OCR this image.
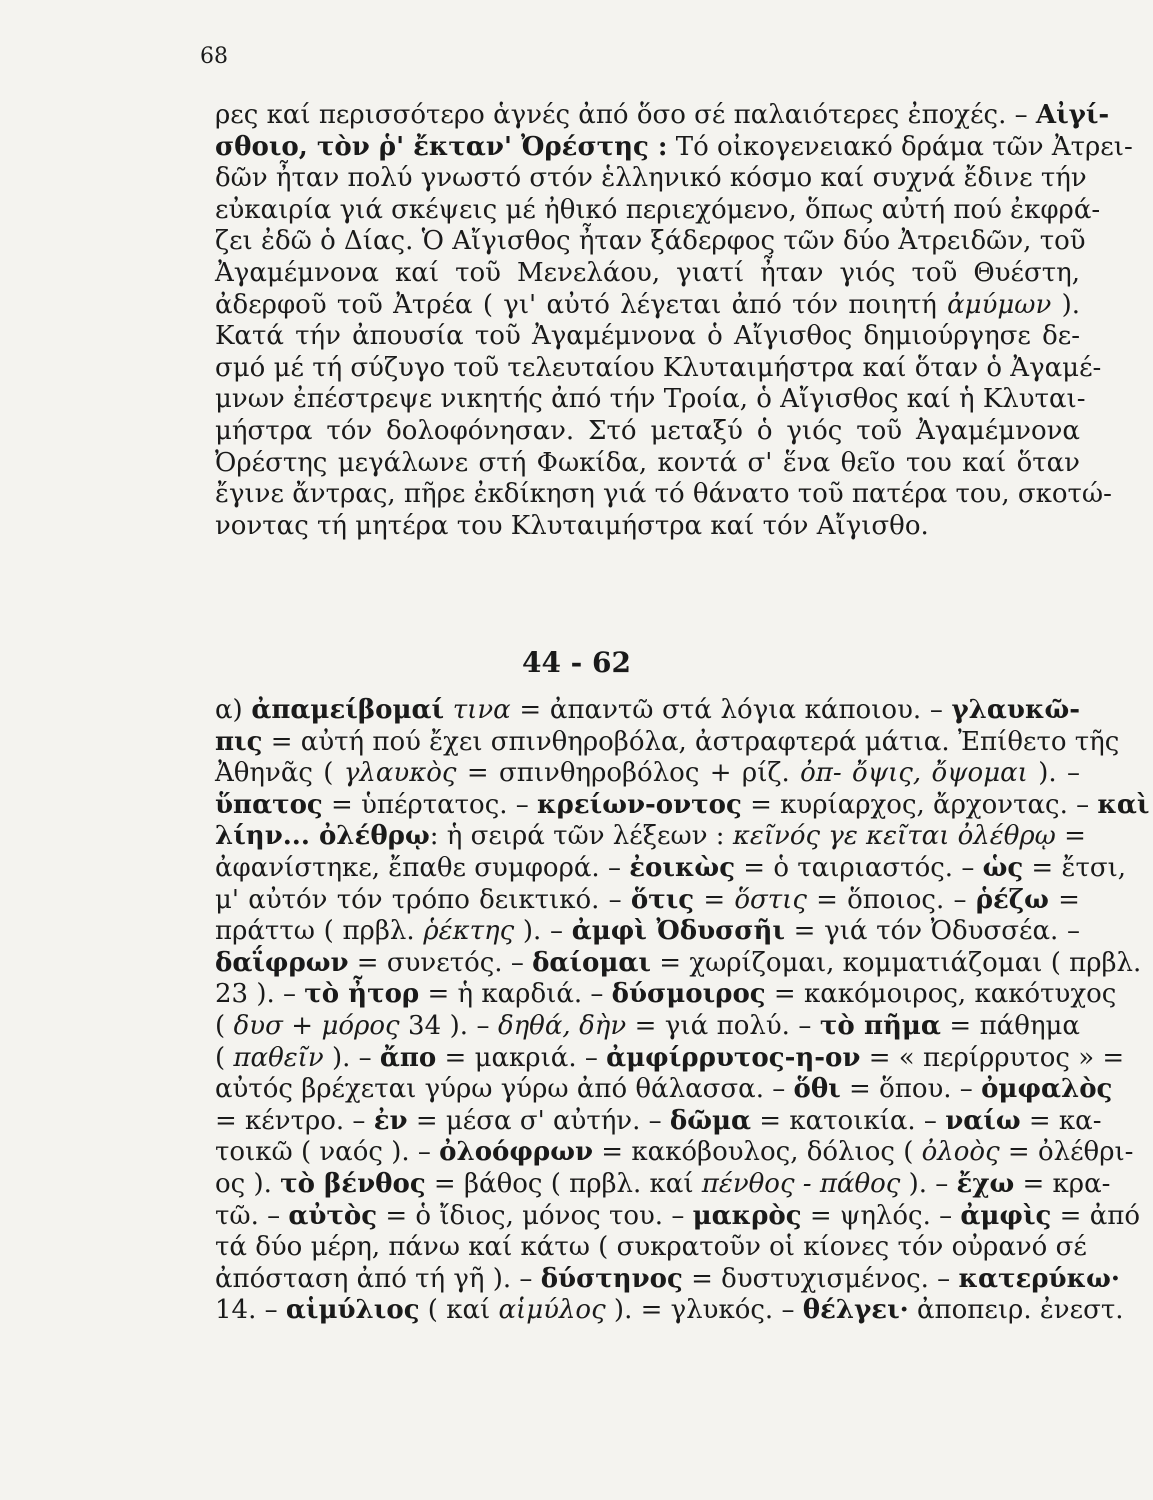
68
ρες καί περισσότερο ἁγνές ἀπό ὅσο σέ παλαιότερες ἐποχές. – Αἰγί-
σθοιο, τὸν ῥ' ἔκταν' Ὀρέστης : Τό οἰκογενειακό δράμα τῶν Ἀτρει-
δῶν ἦταν πολύ γνωστό στόν ἑλληνικό κόσμο καί συχνά ἔδινε τήν
εὐκαιρία γιά σκέψεις μέ ἠθικό περιεχόμενο, ὅπως αὐτή πού ἐκφρά-
ζει ἐδῶ ὁ Δίας. Ὁ Αἴγισθος ἦταν ξάδερφος τῶν δύο Ἀτρειδῶν, τοῦ
Ἀγαμέμνονα καί τοῦ Μενελάου, γιατί ἦταν γιός τοῦ Θυέστη,
ἀδερφοῦ τοῦ Ἀτρέα ( γι' αὐτό λέγεται ἀπό τόν ποιητή ἀμύμων ).
Κατά τήν ἀπουσία τοῦ Ἀγαμέμνονα ὁ Αἴγισθος δημιούργησε δε-
σμό μέ τή σύζυγο τοῦ τελευταίου Κλυταιμήστρα καί ὅταν ὁ Ἀγαμέ-
μνων ἐπέστρεψε νικητής ἀπό τήν Τροία, ὁ Αἴγισθος καί ἡ Κλυται-
μήστρα τόν δολοφόνησαν. Στό μεταξύ ὁ γιός τοῦ Ἀγαμέμνονα
Ὀρέστης μεγάλωνε στή Φωκίδα, κοντά σ' ἕνα θεῖο του καί ὅταν
ἔγινε ἄντρας, πῆρε ἐκδίκηση γιά τό θάνατο τοῦ πατέρα του, σκοτώ-
νοντας τή μητέρα του Κλυταιμήστρα καί τόν Αἴγισθο.
44 - 62
α) ἀπαμείβομαί τινα = ἀπαντῶ στά λόγια κάποιου. – γλαυκῶ-
πις = αὐτή πού ἔχει σπινθηροβόλα, ἀστραφτερά μάτια. Ἐπίθετο τῆς
Ἀθηνᾶς ( γλαυκὸς = σπινθηροβόλος + ρίζ. ὀπ- ὄψις, ὄψομαι ). –
ὕπατος = ὑπέρτατος. – κρείων-οντος = κυρίαρχος, ἄρχοντας. – καὶ
λίην... ὀλέθρῳ: ἡ σειρά τῶν λέξεων : κεῖνός γε κεῖται ὀλέθρῳ =
ἀφανίστηκε, ἔπαθε συμφορά. – ἐοικὼς = ὁ ταιριαστός. – ὡς = ἔτσι,
μ' αὐτόν τόν τρόπο δεικτικό. – ὅτις = ὅστις = ὅποιος. – ῥέζω =
πράττω ( πρβλ. ῥέκτης ). – ἀμφὶ Ὀδυσσῆι = γιά τόν Ὀδυσσέα. –
δαΐφρων = συνετός. – δαίομαι = χωρίζομαι, κομματιάζομαι ( πρβλ.
23 ). – τὸ ἦτορ = ἡ καρδιά. – δύσμοιρος = κακόμοιρος, κακότυχος
( δυσ + μόρος 34 ). – δηθά, δὴν = γιά πολύ. – τὸ πῆμα = πάθημα
( παθεῖν ). – ἄπο = μακριά. – ἀμφίρρυτος-η-ον = « περίρρυτος » =
αὐτός βρέχεται γύρω γύρω ἀπό θάλασσα. – ὅθι = ὅπου. – ὀμφαλὸς
= κέντρο. – ἐν = μέσα σ' αὐτήν. – δῶμα = κατοικία. – ναίω = κα-
τοικῶ ( ναός ). – ὀλοόφρων = κακόβουλος, δόλιος ( ὀλοὸς = ὀλέθρι-
ος ). τὸ βένθος = βάθος ( πρβλ. καί πένθος - πάθος ). – ἔχω = κρα-
τῶ. – αὐτὸς = ὁ ἴδιος, μόνος του. – μακρὸς = ψηλός. – ἀμφὶς = ἀπό
τά δύο μέρη, πάνω καί κάτω ( συκρατοῦν οἱ κίονες τόν οὐρανό σέ
ἀπόσταση ἀπό τή γῆ ). – δύστηνος = δυστυχισμένος. – κατερύκω·
14. – αἱμύλιος ( καί αἱμύλος ). = γλυκός. – θέλγει· ἀποπειρ. ἐνεστ.
